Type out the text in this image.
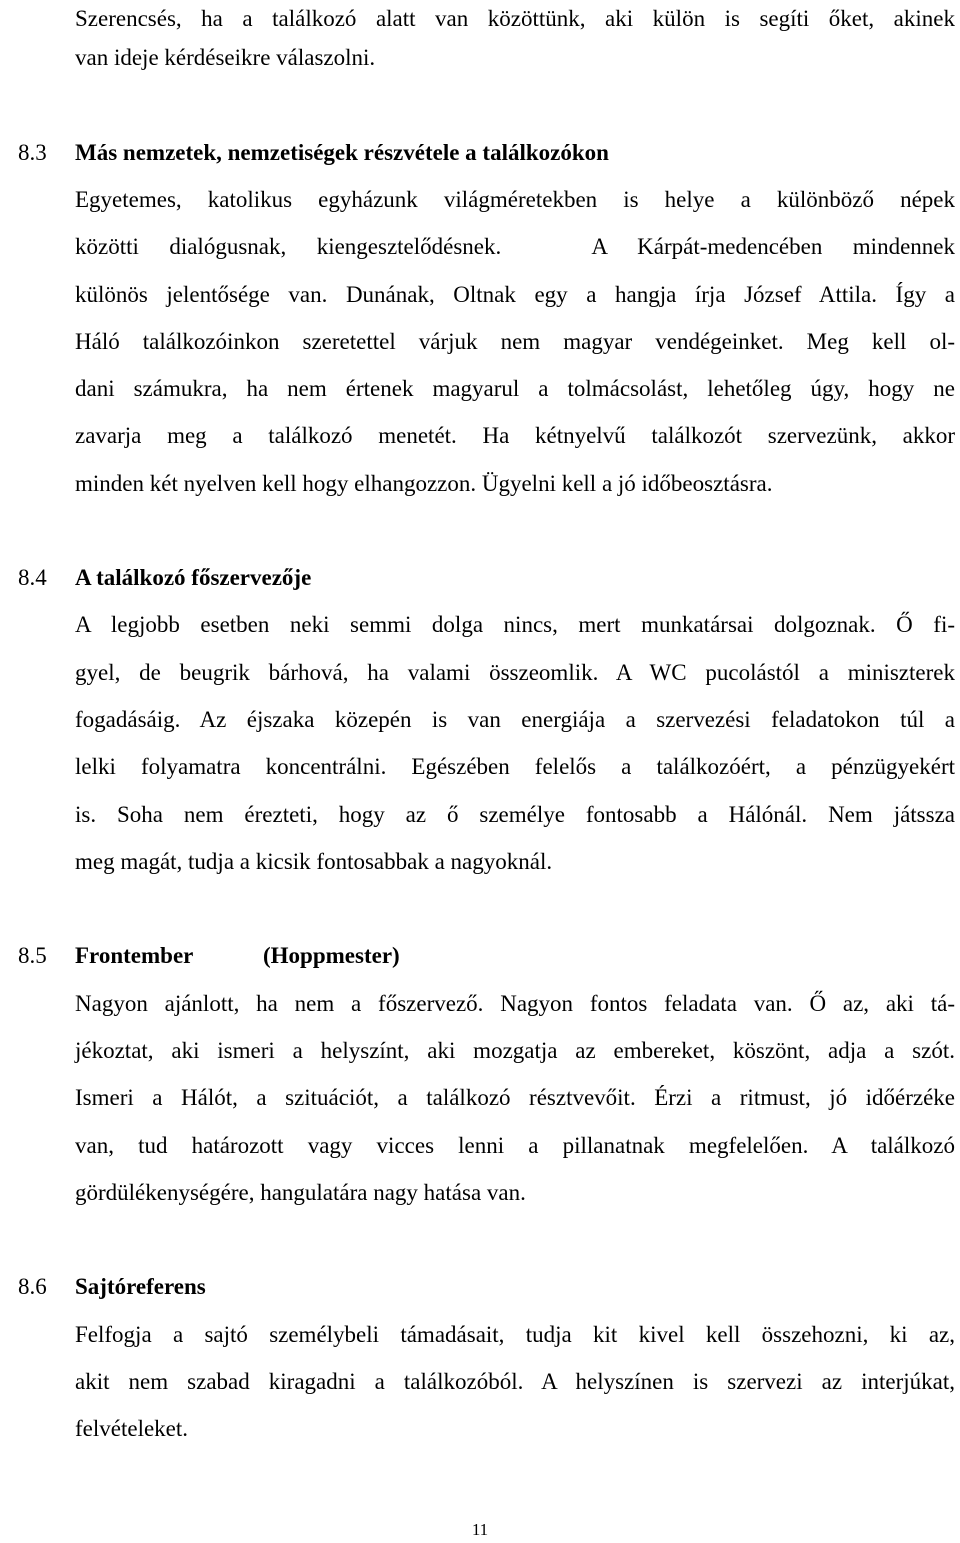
Szerencsés, ha a találkozó alatt van közöttünk, aki külön is segíti őket, akinek
van ideje kérdéseikre válaszolni.
8.3	Más nemzetek, nemzetiségek részvétele a találkozókon
Egyetemes, katolikus egyházunk világméretekben is helye a különböző népek
közötti dialógusnak, kiengesztelődésnek.   A Kárpát-medencében mindennek
különös jelentősége van. Dunának, Oltnak egy a hangja írja József Attila. Így a
Háló találkozóinkon szeretettel várjuk nem magyar vendégeinket. Meg kell ol-
dani számukra, ha nem értenek magyarul a tolmácsolást, lehetőleg úgy, hogy ne
zavarja meg a találkozó menetét. Ha kétnyelvű találkozót szervezünk, akkor
minden két nyelven kell hogy elhangozzon. Ügyelni kell a jó időbeosztásra.
8.4	A találkozó főszervezője
A legjobb esetben neki semmi dolga nincs, mert munkatársai dolgoznak. Ő fi-
gyel, de beugrik bárhová, ha valami összeomlik. A WC pucolástól a miniszterek
fogadásáig. Az éjszaka közepén is van energiája a szervezési feladatokon túl a
lelki folyamatra koncentrálni. Egészében felelős a találkozóért, a pénzügyekért
is. Soha nem érezteti, hogy az ő személye fontosabb a Hálónál. Nem játssza
meg magát, tudja a kicsik fontosabbak a nagyoknál.
8.5	Frontember	(Hoppmester)
Nagyon ajánlott, ha nem a főszervező. Nagyon fontos feladata van. Ő az, aki tá-
jékoztat, aki ismeri a helyszínt, aki mozgatja az embereket, köszönt, adja a szót.
Ismeri a Hálót, a szituációt, a találkozó résztvevőit. Érzi a ritmust, jó időérzéke
van, tud határozott vagy vicces lenni a pillanatnak megfelelően. A találkozó
gördülékenységére, hangulatára nagy hatása van.
8.6	Sajtóreferens
Felfogja a sajtó személybeli támadásait, tudja kit kivel kell összehozni, ki az,
akit nem szabad kiragadni a találkozóból. A helyszínen is szervezi az interjúkat,
felvételeket.
11
